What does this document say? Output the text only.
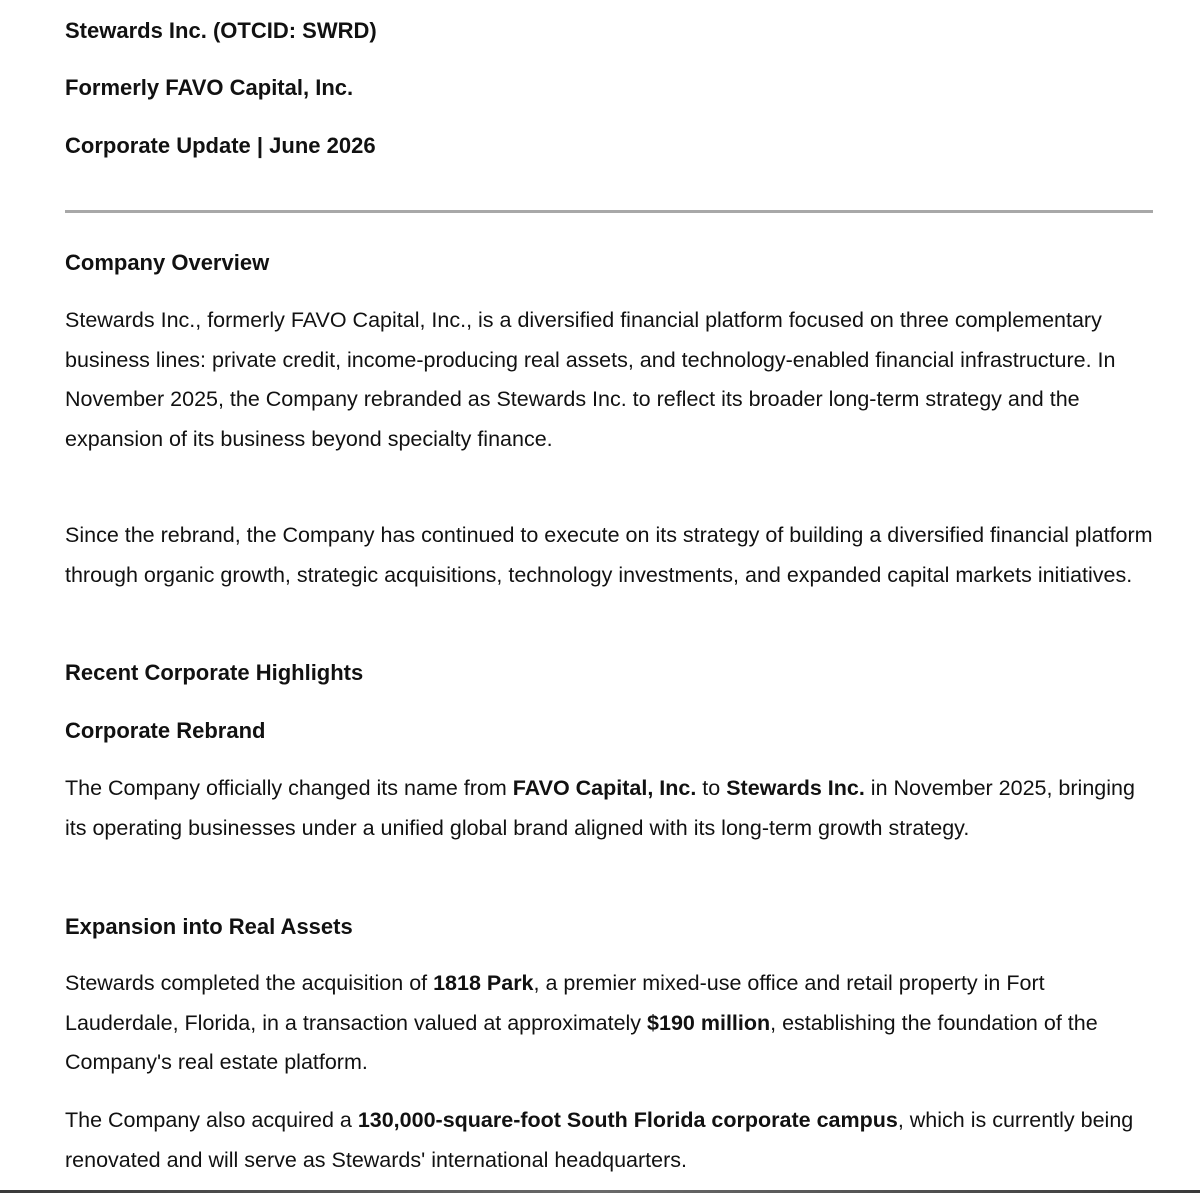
Stewards Inc. (OTCID: SWRD)

Formerly FAVO Capital, Inc.

Corporate Update | June 2026

Company Overview

Stewards Inc., formerly FAVO Capital, Inc., is a diversified financial platform focused on three complementary business lines: private credit, income-producing real assets, and technology-enabled financial infrastructure. In November 2025, the Company rebranded as Stewards Inc. to reflect its broader long-term strategy and the expansion of its business beyond specialty finance.

Since the rebrand, the Company has continued to execute on its strategy of building a diversified financial platform through organic growth, strategic acquisitions, technology investments, and expanded capital markets initiatives.

Recent Corporate Highlights

Corporate Rebrand

The Company officially changed its name from FAVO Capital, Inc. to Stewards Inc. in November 2025, bringing its operating businesses under a unified global brand aligned with its long-term growth strategy.

Expansion into Real Assets

Stewards completed the acquisition of 1818 Park, a premier mixed-use office and retail property in Fort Lauderdale, Florida, in a transaction valued at approximately $190 million, establishing the foundation of the Company's real estate platform.

The Company also acquired a 130,000-square-foot South Florida corporate campus, which is currently being renovated and will serve as Stewards' international headquarters.
